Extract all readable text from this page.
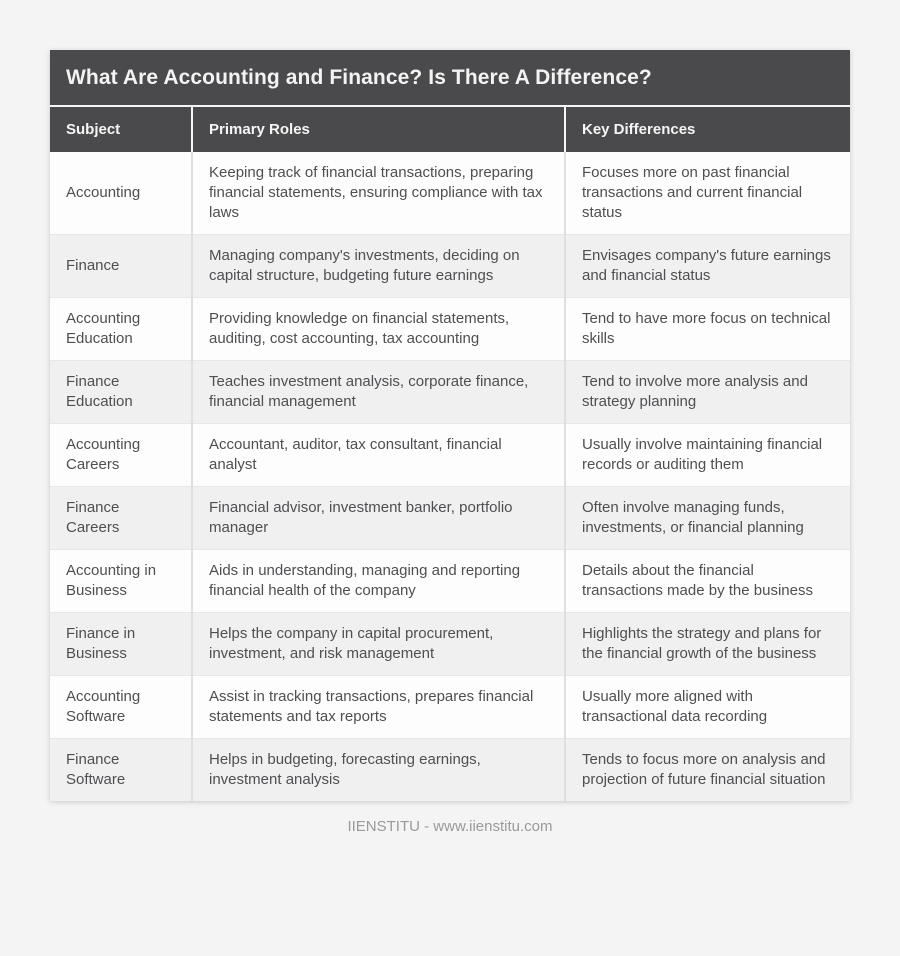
What Are Accounting and Finance? Is There A Difference?
Subject	Primary Roles	Key Differences
Accounting	Keeping track of financial transactions, preparing financial statements, ensuring compliance with tax laws	Focuses more on past financial transactions and current financial status
Finance	Managing company's investments, deciding on capital structure, budgeting future earnings	Envisages company's future earnings and financial status
Accounting Education	Providing knowledge on financial statements, auditing, cost accounting, tax accounting	Tend to have more focus on technical skills
Finance Education	Teaches investment analysis, corporate finance, financial management	Tend to involve more analysis and strategy planning
Accounting Careers	Accountant, auditor, tax consultant, financial analyst	Usually involve maintaining financial records or auditing them
Finance Careers	Financial advisor, investment banker, portfolio manager	Often involve managing funds, investments, or financial planning
Accounting in Business	Aids in understanding, managing and reporting financial health of the company	Details about the financial transactions made by the business
Finance in Business	Helps the company in capital procurement, investment, and risk management	Highlights the strategy and plans for the financial growth of the business
Accounting Software	Assist in tracking transactions, prepares financial statements and tax reports	Usually more aligned with transactional data recording
Finance Software	Helps in budgeting, forecasting earnings, investment analysis	Tends to focus more on analysis and projection of future financial situation
IIENSTITU - www.iienstitu.com
